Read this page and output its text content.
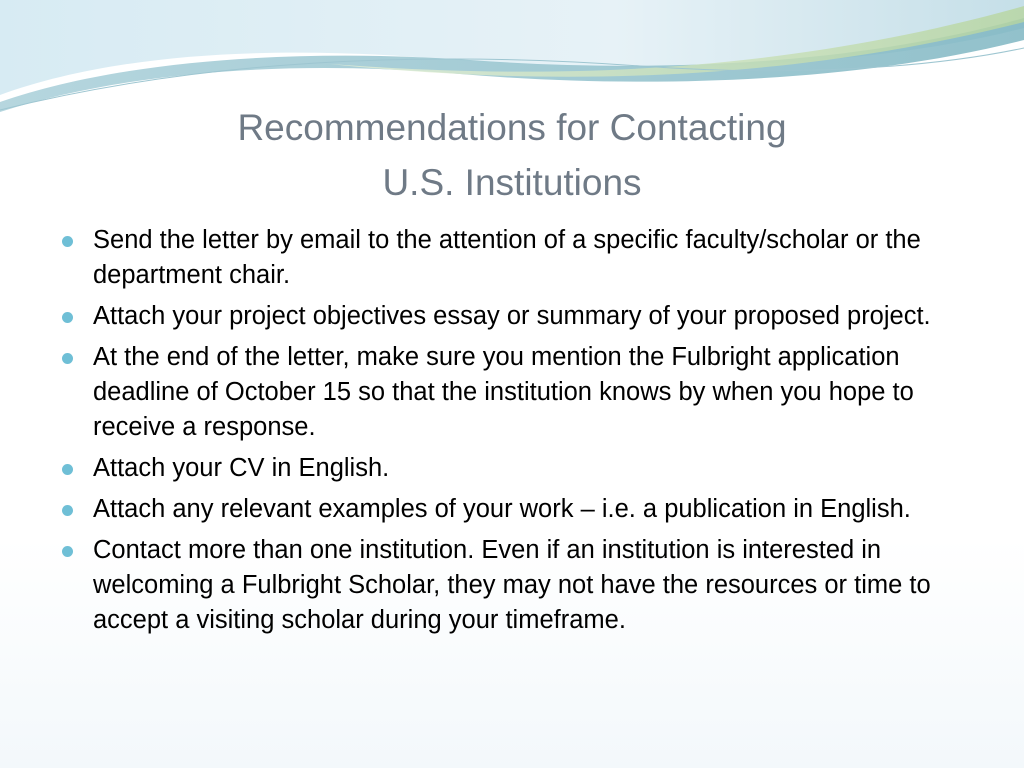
Recommendations for Contacting
U.S. Institutions
Send the letter by email to the attention of a specific faculty/scholar or the department chair.
Attach your project objectives essay or summary of your proposed project.
At the end of the letter, make sure you mention the Fulbright application deadline of October 15 so that the institution knows by when you hope to receive a response.
Attach your CV in English.
Attach any relevant examples of your work – i.e. a publication in English.
Contact more than one institution. Even if an institution is interested in welcoming a Fulbright Scholar, they may not have the resources or time to accept a visiting scholar during your timeframe.
